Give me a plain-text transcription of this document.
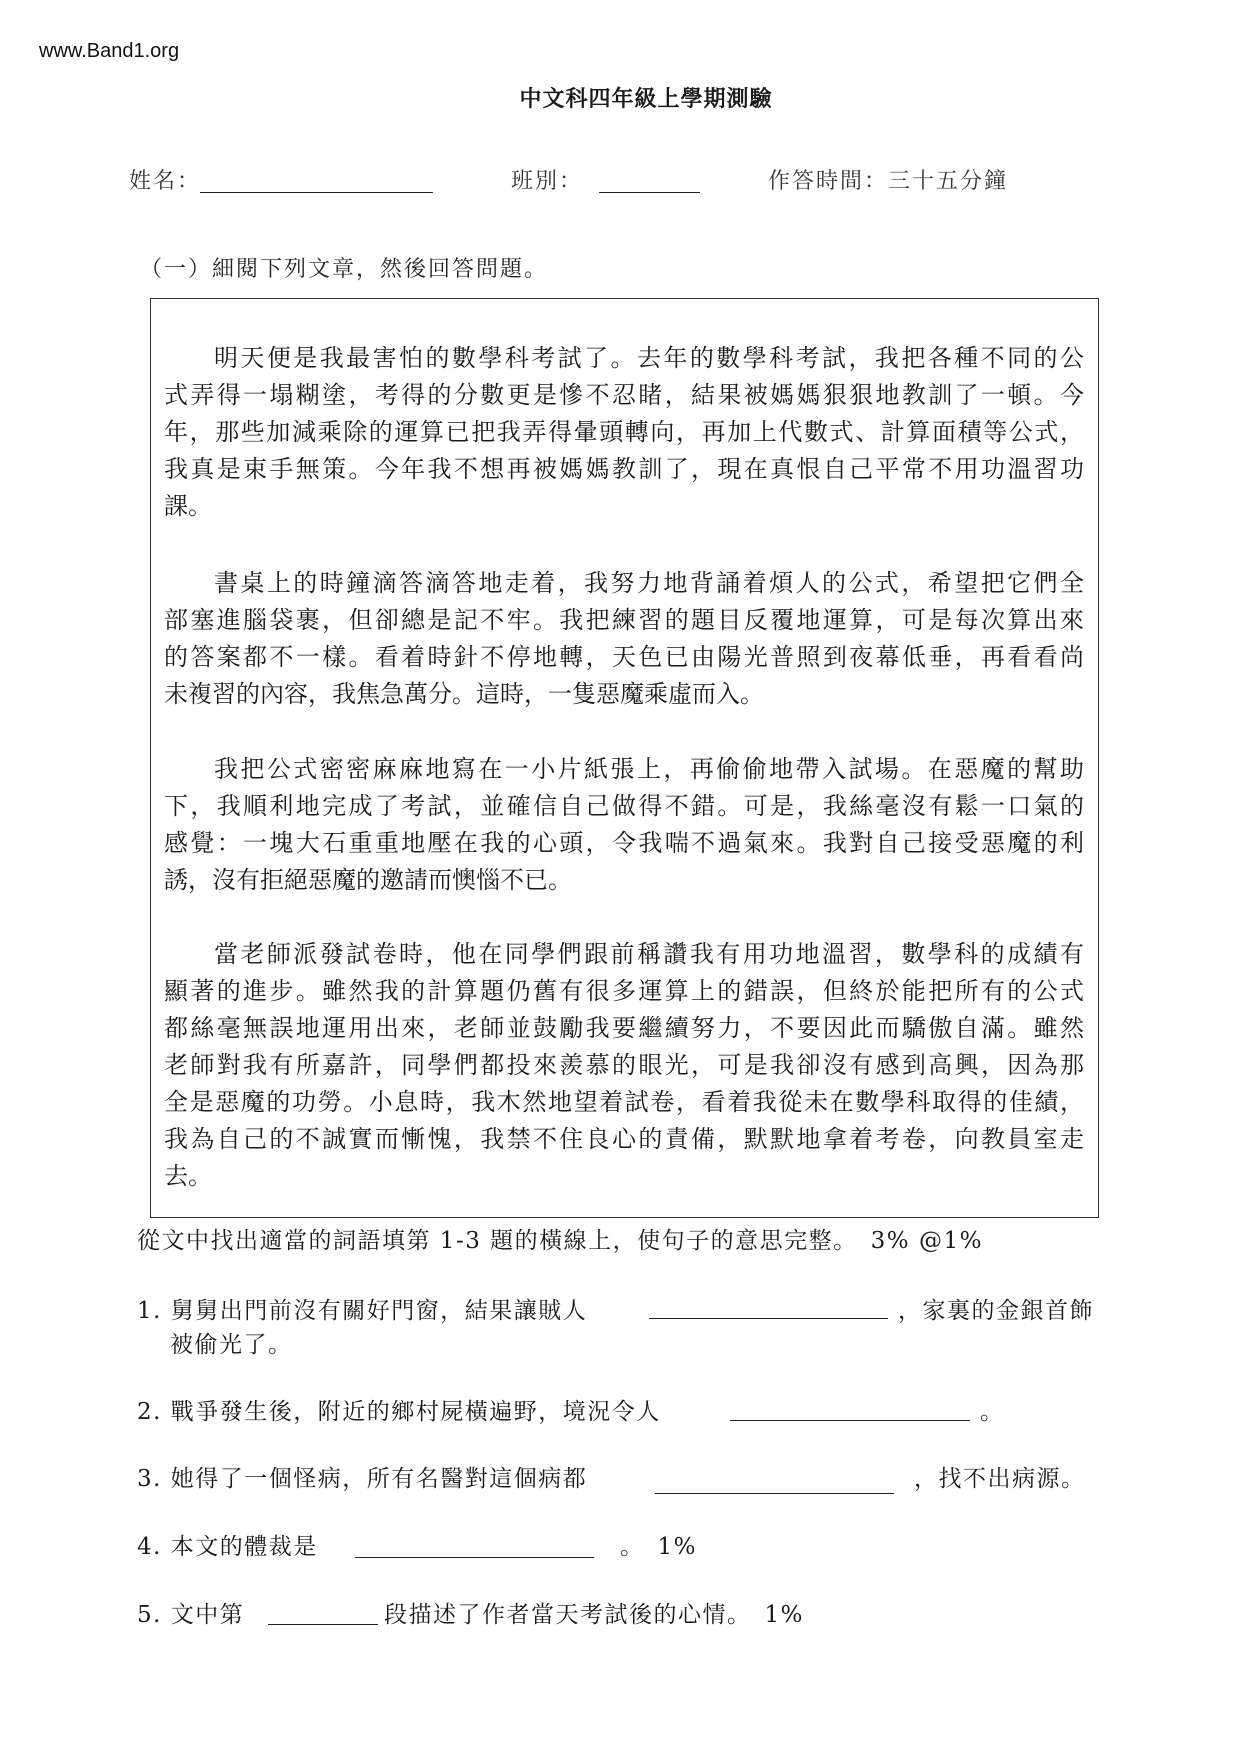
www.Band1.org
中文科四年級上學期測驗
姓名：	班別：	作答時間：三十五分鐘
（一）細閱下列文章，然後回答問題。
明天便是我最害怕的數學科考試了。去年的數學科考試，我把各種不同的公
式弄得一塌糊塗，考得的分數更是慘不忍睹，結果被媽媽狠狠地教訓了一頓。今
年，那些加減乘除的運算已把我弄得暈頭轉向，再加上代數式、計算面積等公式，
我真是束手無策。今年我不想再被媽媽教訓了，現在真恨自己平常不用功溫習功
課。
書桌上的時鐘滴答滴答地走着，我努力地背誦着煩人的公式，希望把它們全
部塞進腦袋裹，但卻總是記不牢。我把練習的題目反覆地運算，可是每次算出來
的答案都不一樣。看着時針不停地轉，天色已由陽光普照到夜幕低垂，再看看尚
未複習的內容，我焦急萬分。這時，一隻惡魔乘虛而入。
我把公式密密麻麻地寫在一小片紙張上，再偷偷地帶入試場。在惡魔的幫助
下，我順利地完成了考試，並確信自己做得不錯。可是，我絲毫沒有鬆一口氣的
感覺：一塊大石重重地壓在我的心頭，令我喘不過氣來。我對自己接受惡魔的利
誘，沒有拒絕惡魔的邀請而懊惱不已。
當老師派發試卷時，他在同學們跟前稱讚我有用功地溫習，數學科的成績有
顯著的進步。雖然我的計算題仍舊有很多運算上的錯誤，但終於能把所有的公式
都絲毫無誤地運用出來，老師並鼓勵我要繼續努力，不要因此而驕傲自滿。雖然
老師對我有所嘉許，同學們都投來羨慕的眼光，可是我卻沒有感到高興，因為那
全是惡魔的功勞。小息時，我木然地望着試卷，看着我從未在數學科取得的佳績，
我為自己的不誠實而慚愧，我禁不住良心的責備，默默地拿着考卷，向教員室走
去。
從文中找出適當的詞語填第 1-3 題的橫線上，使句子的意思完整。　3% @1%
1. 舅舅出門前沒有關好門窗，結果讓賊人	，家裏的金銀首飾
被偷光了。
2. 戰爭發生後，附近的鄉村屍橫遍野，境況令人	。
3. 她得了一個怪病，所有名醫對這個病都	，找不出病源。
4. 本文的體裁是	。　1%
5. 文中第	段描述了作者當天考試後的心情。　1%
